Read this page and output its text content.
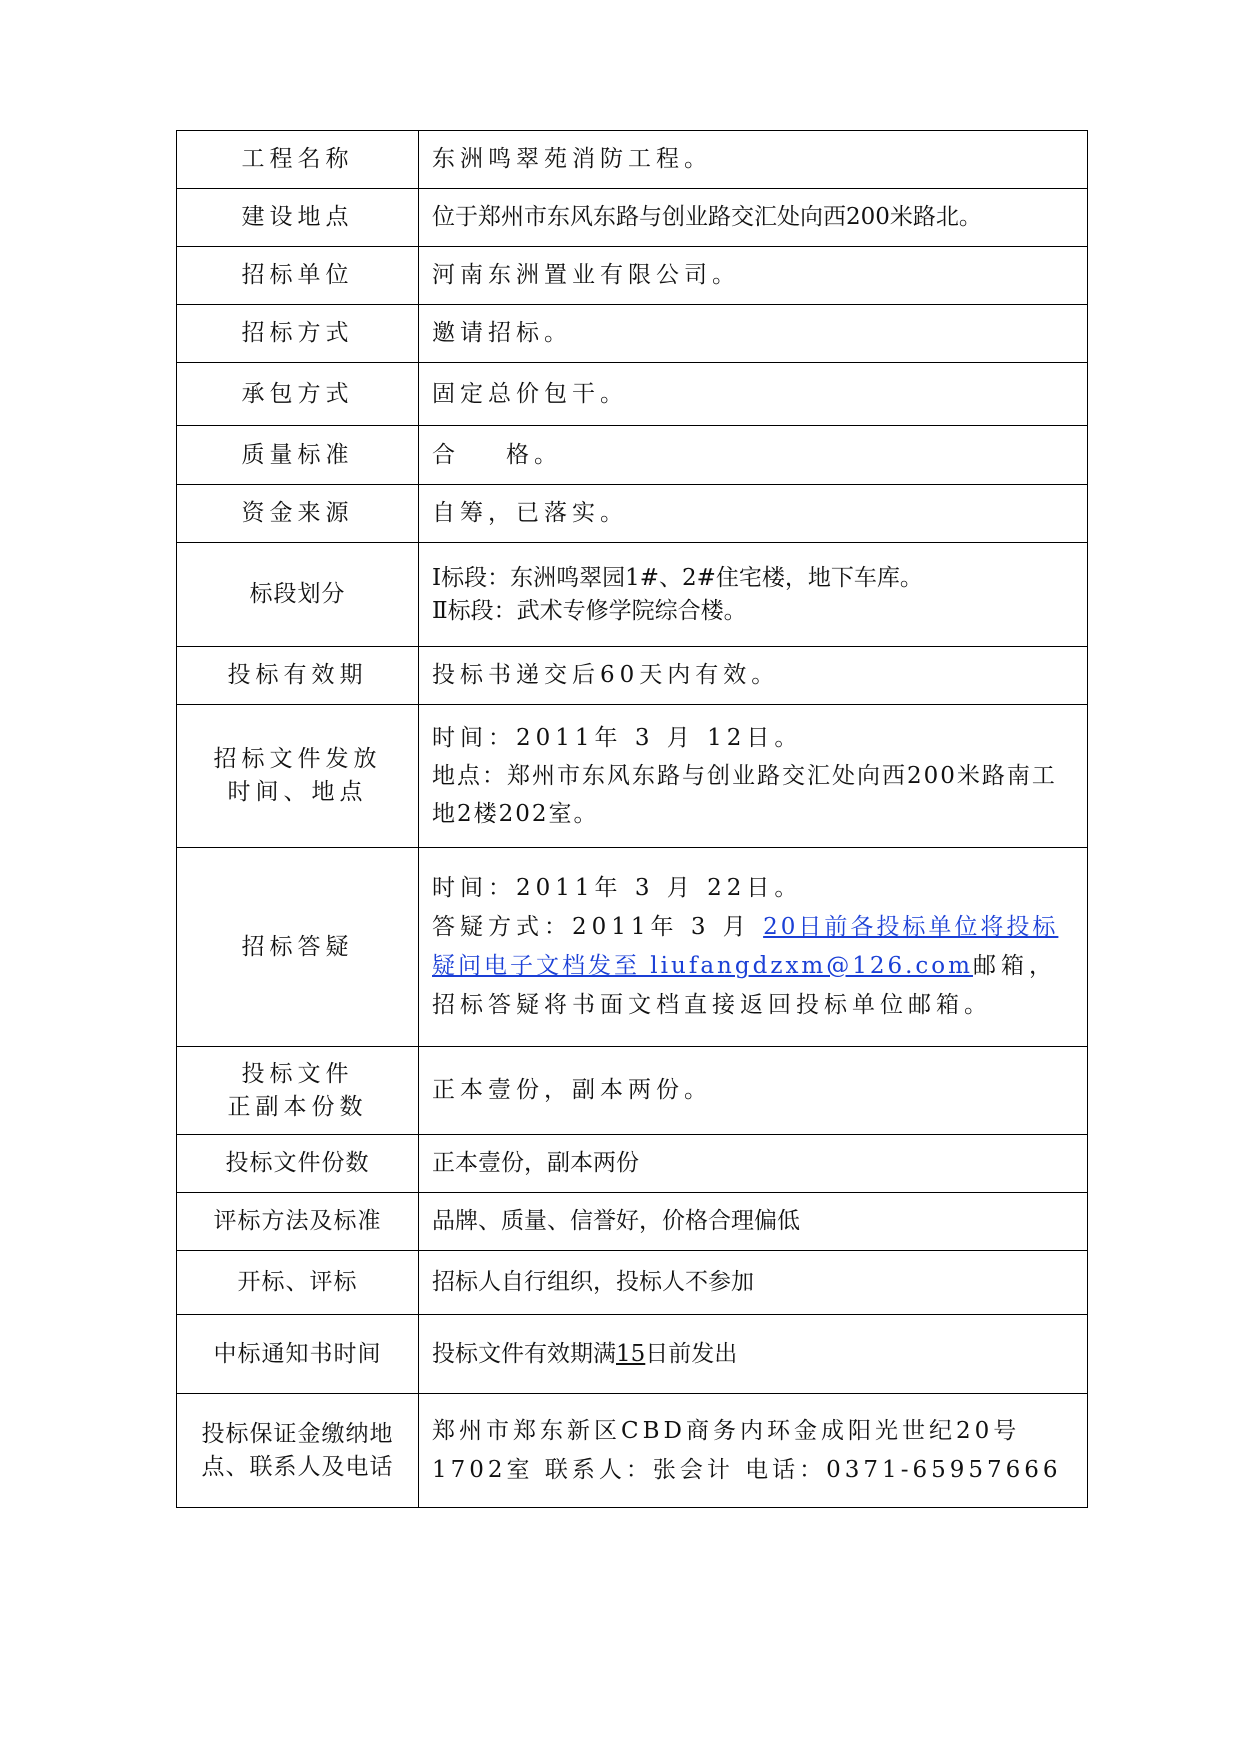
工程名称	东洲鸣翠苑消防工程。
建设地点	位于郑州市东风东路与创业路交汇处向西200米路北。
招标单位	河南东洲置业有限公司。
招标方式	邀请招标。
承包方式	固定总价包干。
质量标准	合 格。
资金来源	自筹，已落实。
标段划分	Ⅰ标段：东洲鸣翠园1#、2#住宅楼，地下车库。
Ⅱ标段：武术专修学院综合楼。

投标有效期	投标书递交后60天内有效。

招标文件发放
时间、地点	时间：2011年 3 月 12日。
地点：郑州市东风东路与创业路交汇处向西200米路南工地2楼202室。

招标答疑	时间：2011年 3 月 22日。
答疑方式：2011年 3 月 20日前各投标单位将投标疑问电子文档发至 liufangdzxm@126.com邮箱，招标答疑将书面文档直接返回投标单位邮箱。

投标文件
正副本份数	正本壹份，副本两份。
投标文件份数	正本壹份，副本两份
评标方法及标准	品牌、质量、信誉好，价格合理偏低
开标、评标	招标人自行组织，投标人不参加
中标通知书时间	投标文件有效期满15日前发出

投标保证金缴纳地
点、联系人及电话	郑州市郑东新区CBD商务内环金成阳光世纪20号1702室 联系人：张会计 电话：0371-65957666
